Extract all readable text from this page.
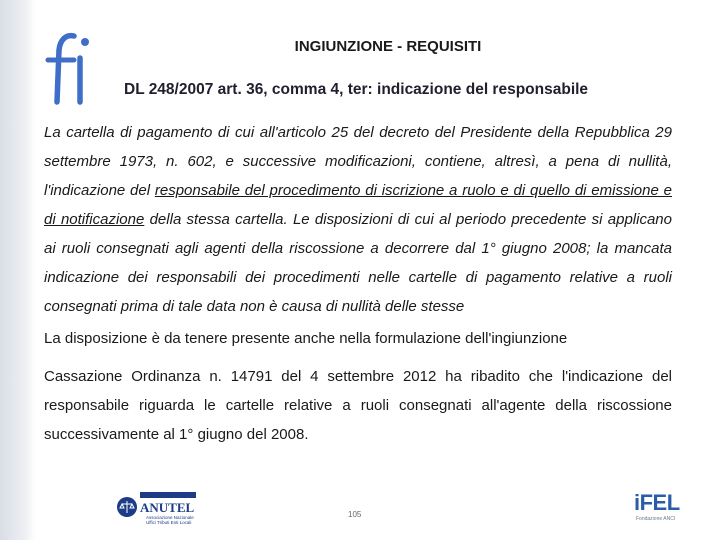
INGIUNZIONE - REQUISITI
DL 248/2007 art. 36, comma 4, ter: indicazione del responsabile

La cartella di pagamento di cui all'articolo 25 del decreto del Presidente della Repubblica 29 settembre 1973, n. 602, e successive modificazioni, contiene, altresì, a pena di nullità, l'indicazione del responsabile del procedimento di iscrizione a ruolo e di quello di emissione e di notificazione della stessa cartella. Le disposizioni di cui al periodo precedente si applicano ai ruoli consegnati agli agenti della riscossione a decorrere dal 1° giugno 2008; la mancata indicazione dei responsabili dei procedimenti nelle cartelle di pagamento relative a ruoli consegnati prima di tale data non è causa di nullità delle stesse

La disposizione è da tenere presente anche nella formulazione dell'ingiunzione

Cassazione Ordinanza n. 14791 del 4 settembre 2012 ha ribadito che l'indicazione del responsabile riguarda le cartelle relative a ruoli consegnati all'agente della riscossione successivamente al 1° giugno del 2008.

ANUTEL
Associazione Nazionale Uffici Tributi Enti Locali
105	iFEL
Fondazione ANCI
